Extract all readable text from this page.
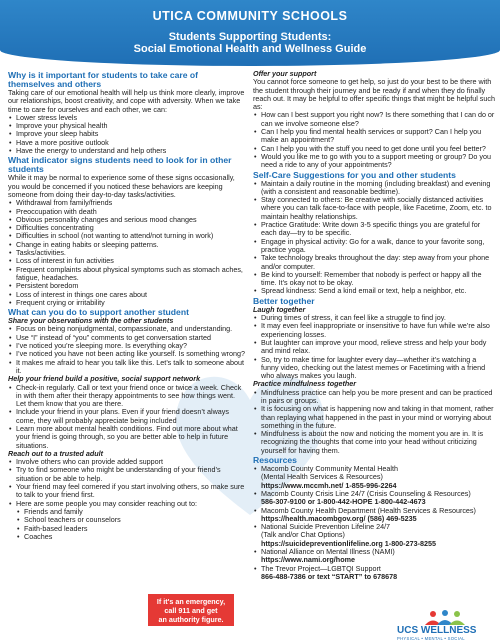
UTICA COMMUNITY SCHOOLS
Students Supporting Students:
Social Emotional Health and Wellness Guide
Why is it important for students to take care of themselves and others

Taking care of our emotional health will help us think more clearly, improve our relationships, boost creativity, and cope with adversity. When we take time to care for ourselves and each other, we can:

• Lower stress levels
• Improve your physical health
• Improve your sleep habits
• Have a more positive outlook
• Have the energy to understand and help others
What indicator signs students need to look for in other students

While it may be normal to experience some of these signs occasionally, you would be concerned if you noticed these behaviors are keeping someone from doing their day-to-day tasks/activities.

• Withdrawal from family/friends
• Preoccupation with death
• Obvious personality changes and serious mood changes
• Difficulties concentrating
• Difficulties in school (not wanting to attend/not turning in work)
• Change in eating habits or sleeping patterns.
• Tasks/activities.
• Loss of interest in fun activities
• Frequent complaints about physical symptoms such as stomach aches, fatigue, headaches.
• Persistent boredom
• Loss of interest in things one cares about
• Frequent crying or irritability
What can you do to support another student
Share your observations with the other students
• Focus on being nonjudgmental, compassionate, and understanding.
• Use “I” instead of “you” comments to get conversation started
• I’ve noticed you’re sleeping more. Is everything okay?
• I’ve noticed you have not been acting like yourself. Is something wrong?
• It makes me afraid to hear you talk like this. Let’s talk to someone about it.
Help your friend build a positive, social support network
• Check-in regularly. Call or text your friend once or twice a week. Check in with them after their therapy appointments to see how things went. Let them know that you are there.
• Include your friend in your plans. Even if your friend doesn’t always come, they will probably appreciate being included
• Learn more about mental health conditions. Find out more about what your friend is going through, so you are better able to help in future situations.
Reach out to a trusted adult
• Involve others who can provide added support
• Try to find someone who might be understanding of your friend’s situation or be able to help.
• Your friend may feel cornered if you start involving others, so make sure to talk to your friend first.
• Here are some people you may consider reaching out to:
• Friends and family
• School teachers or counselors
• Faith-based leaders
• Coaches
If it's an emergency,
call 911 and get
an authority figure.
Offer your support

You cannot force someone to get help, so just do your best to be there with the student through their journey and be ready if and when they do finally reach out. It may be helpful to offer specific things that might be helpful such as:

• How can I best support you right now? Is there something that I can do or can we involve someone else?
• Can I help you find mental health services or support? Can I help you make an appointment?
• Can I help you with the stuff you need to get done until you feel better?
• Would you like me to go with you to a support meeting or group? Do you need a ride to any of your appointments?
Self-Care Suggestions for you and other students
• Maintain a daily routine in the morning (including breakfast) and evening (with a consistent and reasonable bedtime).
• Stay connected to others: Be creative with socially distanced activities where you can talk face-to-face with people, like Facetime, Zoom, etc. to maintain healthy relationships.
• Practice Gratitude: Write down 3-5 specific things you are grateful for each day—try to be specific.
• Engage in physical activity: Go for a walk, dance to your favorite song, practice yoga.
• Take technology breaks throughout the day: step away from your phone and/or computer.
• Be kind to yourself: Remember that nobody is perfect or happy all the time. It’s okay not to be okay.
• Spread kindness: Send a kind email or text, help a neighbor, etc.
Better together
Laugh together
• During times of stress, it can feel like a struggle to find joy.
• It may even feel inappropriate or insensitive to have fun while we’re also experiencing losses.
• But laughter can improve your mood, relieve stress and help your body and mind relax.
• So, try to make time for laughter every day—whether it’s watching a funny video, checking out the latest memes or Facetiming with a friend who always makes you laugh.
Practice mindfulness together
• Mindfulness practice can help you be more present and can be practiced in pairs or groups.
• It is focusing on what is happening now and taking in that moment, rather than replaying what happened in the past in your mind or worrying about something in the future.
• Mindfulness is about the now and noticing the moment you are in. It is recognizing the thoughts that come into your head without criticizing yourself for having them.
Resources
• Macomb County Community Mental Health
(Mental Health Services & Resources)
https://www.mccmh.net/ 1-855-996-2264
• Macomb County Crisis Line 24/7 (Crisis Counseling & Resources)
586-307-9100 or 1-800-442-HOPE 1-800-442-4673
• Macomb County Health Department (Health Services & Resources)
https://health.macombgov.org/ (586) 469-5235
• National Suicide Prevention Lifeline 24/7
(Talk and/or Chat Options)
https://suicidepreventionlifeline.org 1-800-273-8255
• National Alliance on Mental Illness (NAMI)
https://www.nami.org/home
• The Trevor Project—LGBTQI Support
866-488-7386 or text “START” to 678678
UCS WELLNESS
PHYSICAL • MENTAL • SOCIAL
